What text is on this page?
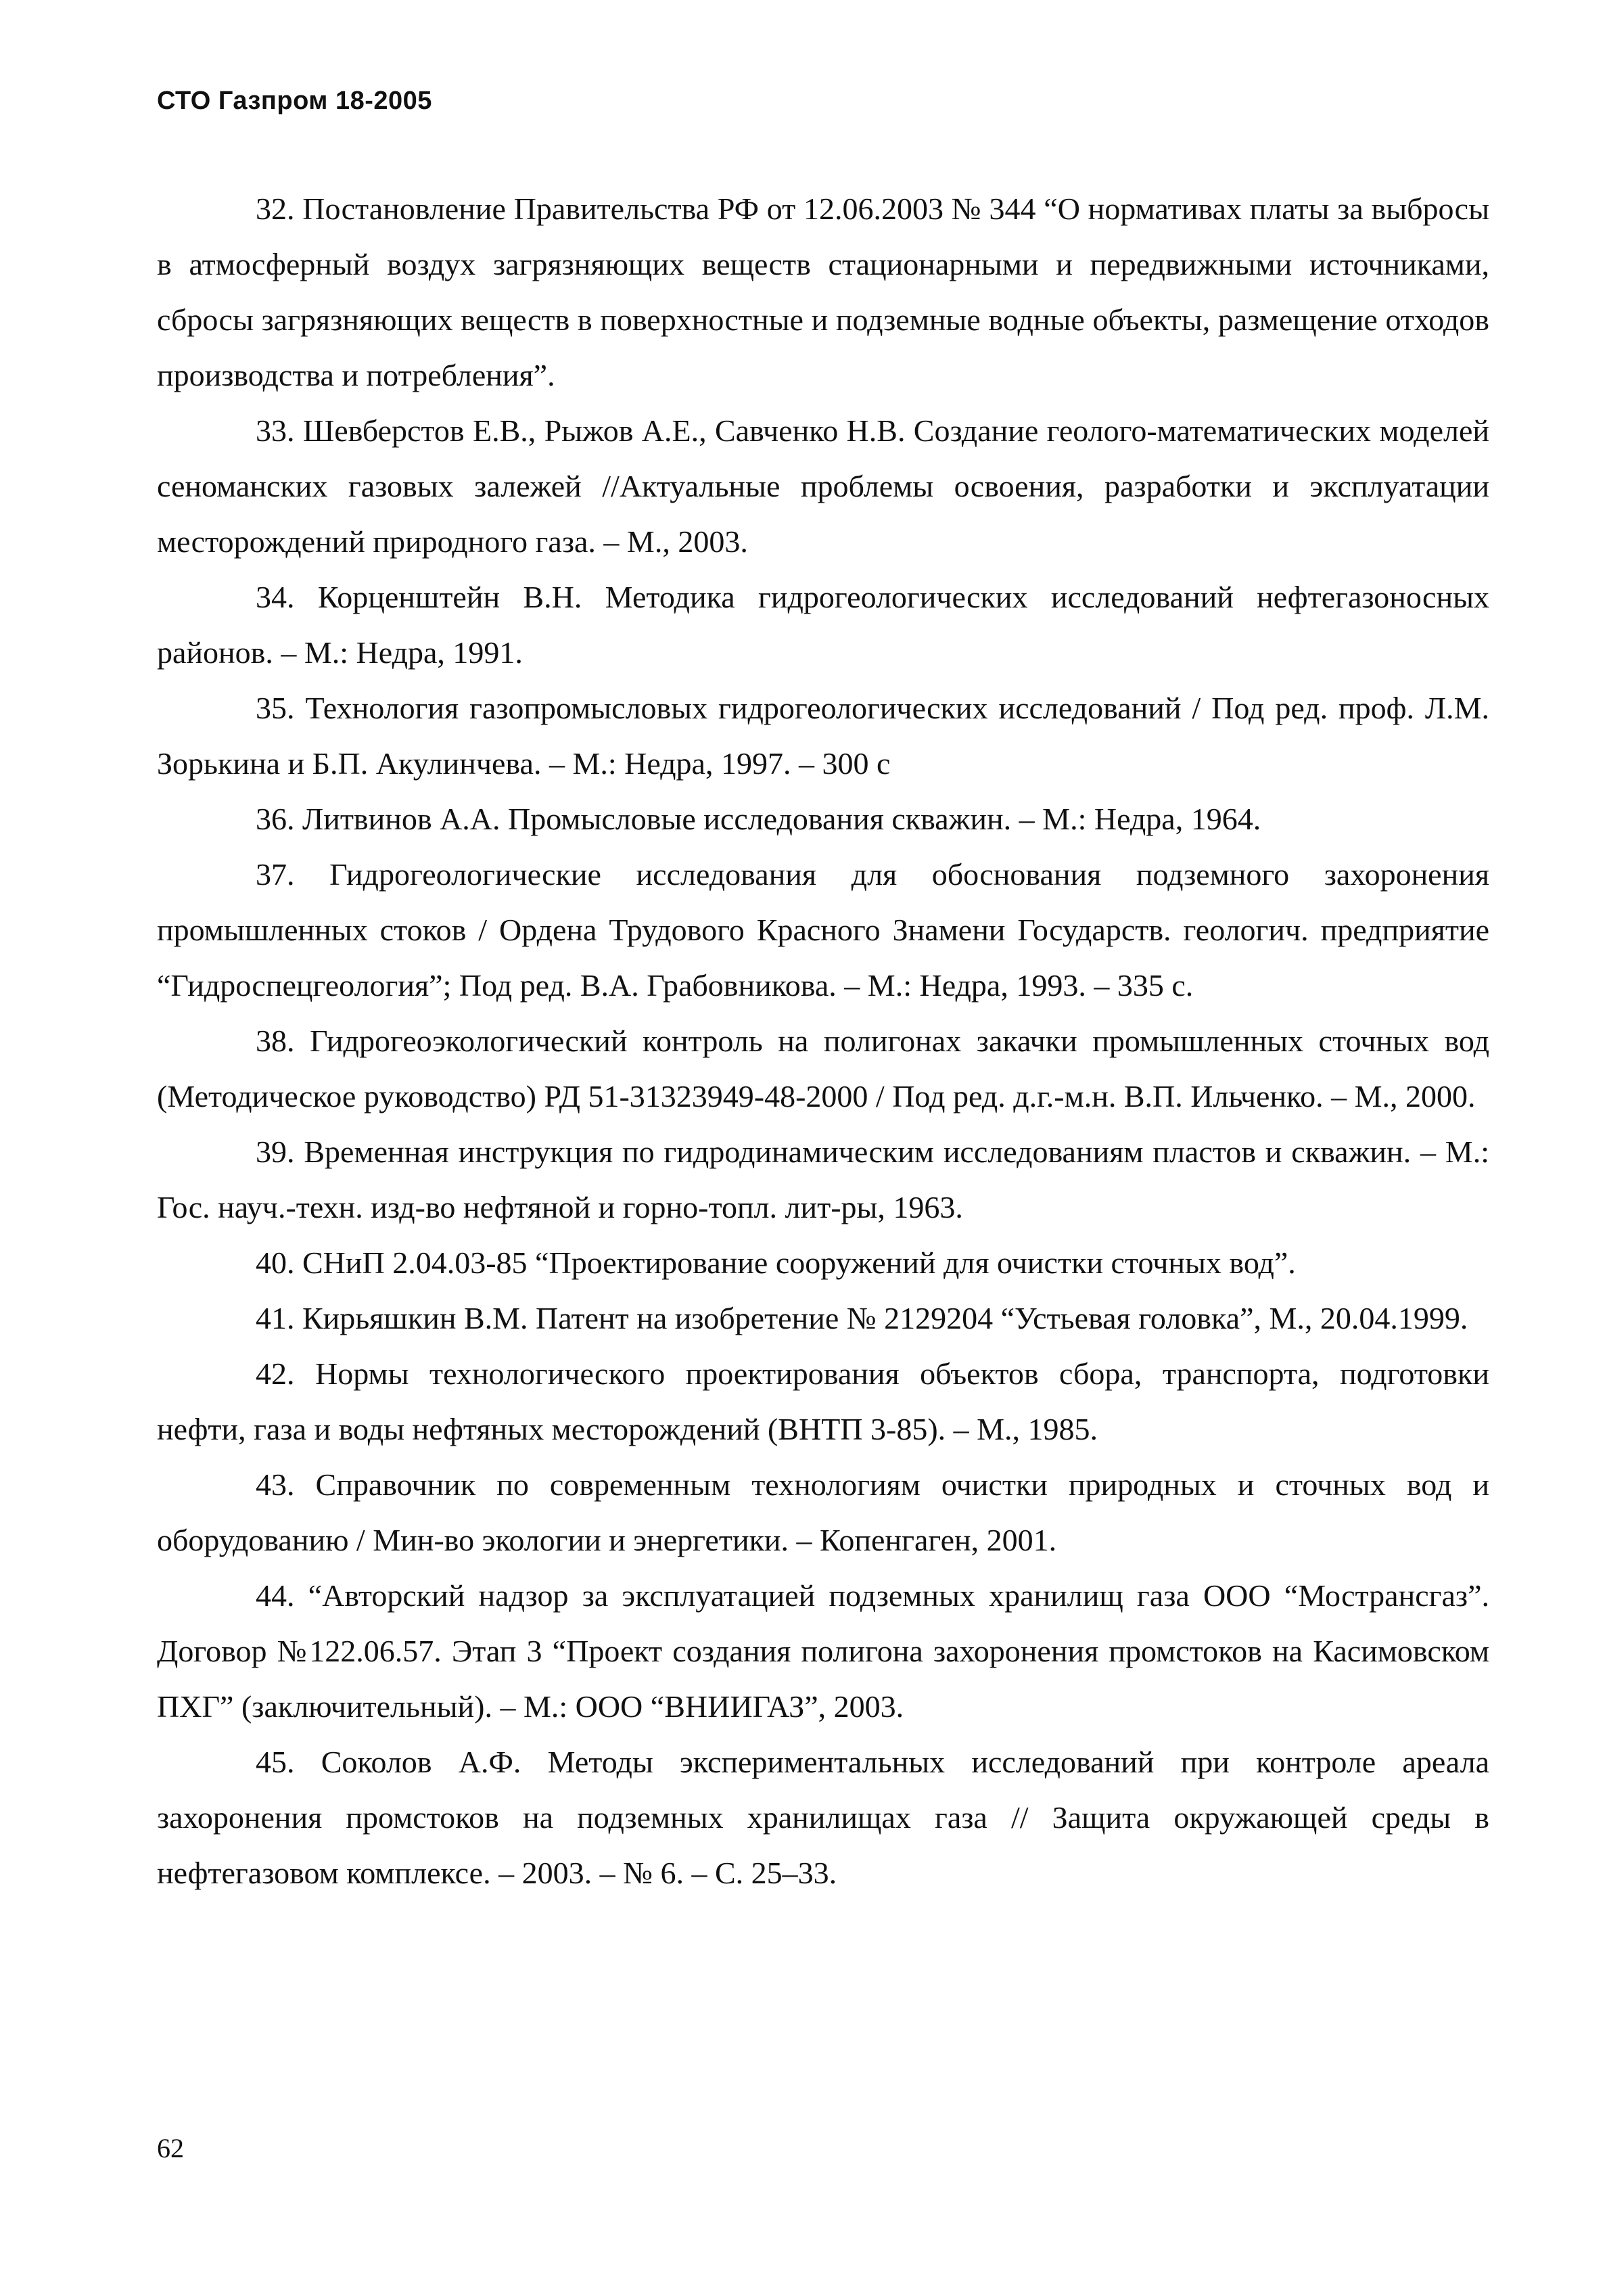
СТО Газпром 18-2005

32. Постановление Правительства РФ от 12.06.2003 № 344 “О нормативах платы за выбросы в атмосферный воздух загрязняющих веществ стационарными и передвижными источниками, сбросы загрязняющих веществ в поверхностные и подземные водные объекты, размещение отходов производства и потребления”.

33. Шевберстов Е.В., Рыжов А.Е., Савченко Н.В. Создание геолого-математических моделей сеноманских газовых залежей //Актуальные проблемы освоения, разработки и эксплуатации месторождений природного газа. – М., 2003.

34. Корценштейн В.Н. Методика гидрогеологических исследований нефтегазоносных районов. – М.: Недра, 1991.

35. Технология газопромысловых гидрогеологических исследований / Под ред. проф. Л.М. Зорькина и Б.П. Акулинчева. – М.: Недра, 1997. – 300 с

36. Литвинов А.А. Промысловые исследования скважин. – М.: Недра, 1964.

37. Гидрогеологические исследования для обоснования подземного захоронения промышленных стоков / Ордена Трудового Красного Знамени Государств. геологич. предприятие “Гидроспецгеология”; Под ред. В.А. Грабовникова. – М.: Недра, 1993. – 335 с.

38. Гидрогеоэкологический контроль на полигонах закачки промышленных сточных вод (Методическое руководство) РД 51-31323949-48-2000 / Под ред. д.г.-м.н. В.П. Ильченко. – М., 2000.

39. Временная инструкция по гидродинамическим исследованиям пластов и скважин. – М.: Гос. науч.-техн. изд-во нефтяной и горно-топл. лит-ры, 1963.

40. СНиП 2.04.03-85 “Проектирование сооружений для очистки сточных вод”.

41. Кирьяшкин В.М. Патент на изобретение № 2129204 “Устьевая головка”, М., 20.04.1999.

42. Нормы технологического проектирования объектов сбора, транспорта, подготовки нефти, газа и воды нефтяных месторождений (ВНТП 3-85). – М., 1985.

43. Справочник по современным технологиям очистки природных и сточных вод и оборудованию / Мин-во экологии и энергетики. – Копенгаген, 2001.

44. “Авторский надзор за эксплуатацией подземных хранилищ газа ООО “Мострансгаз”. Договор №122.06.57. Этап 3 “Проект создания полигона захоронения промстоков на Касимовском ПХГ” (заключительный). – М.: ООО “ВНИИГАЗ”, 2003.

45. Соколов А.Ф. Методы экспериментальных исследований при контроле ареала захоронения промстоков на подземных хранилищах газа // Защита окружающей среды в нефтегазовом комплексе. – 2003. – № 6. – С. 25–33.

62
